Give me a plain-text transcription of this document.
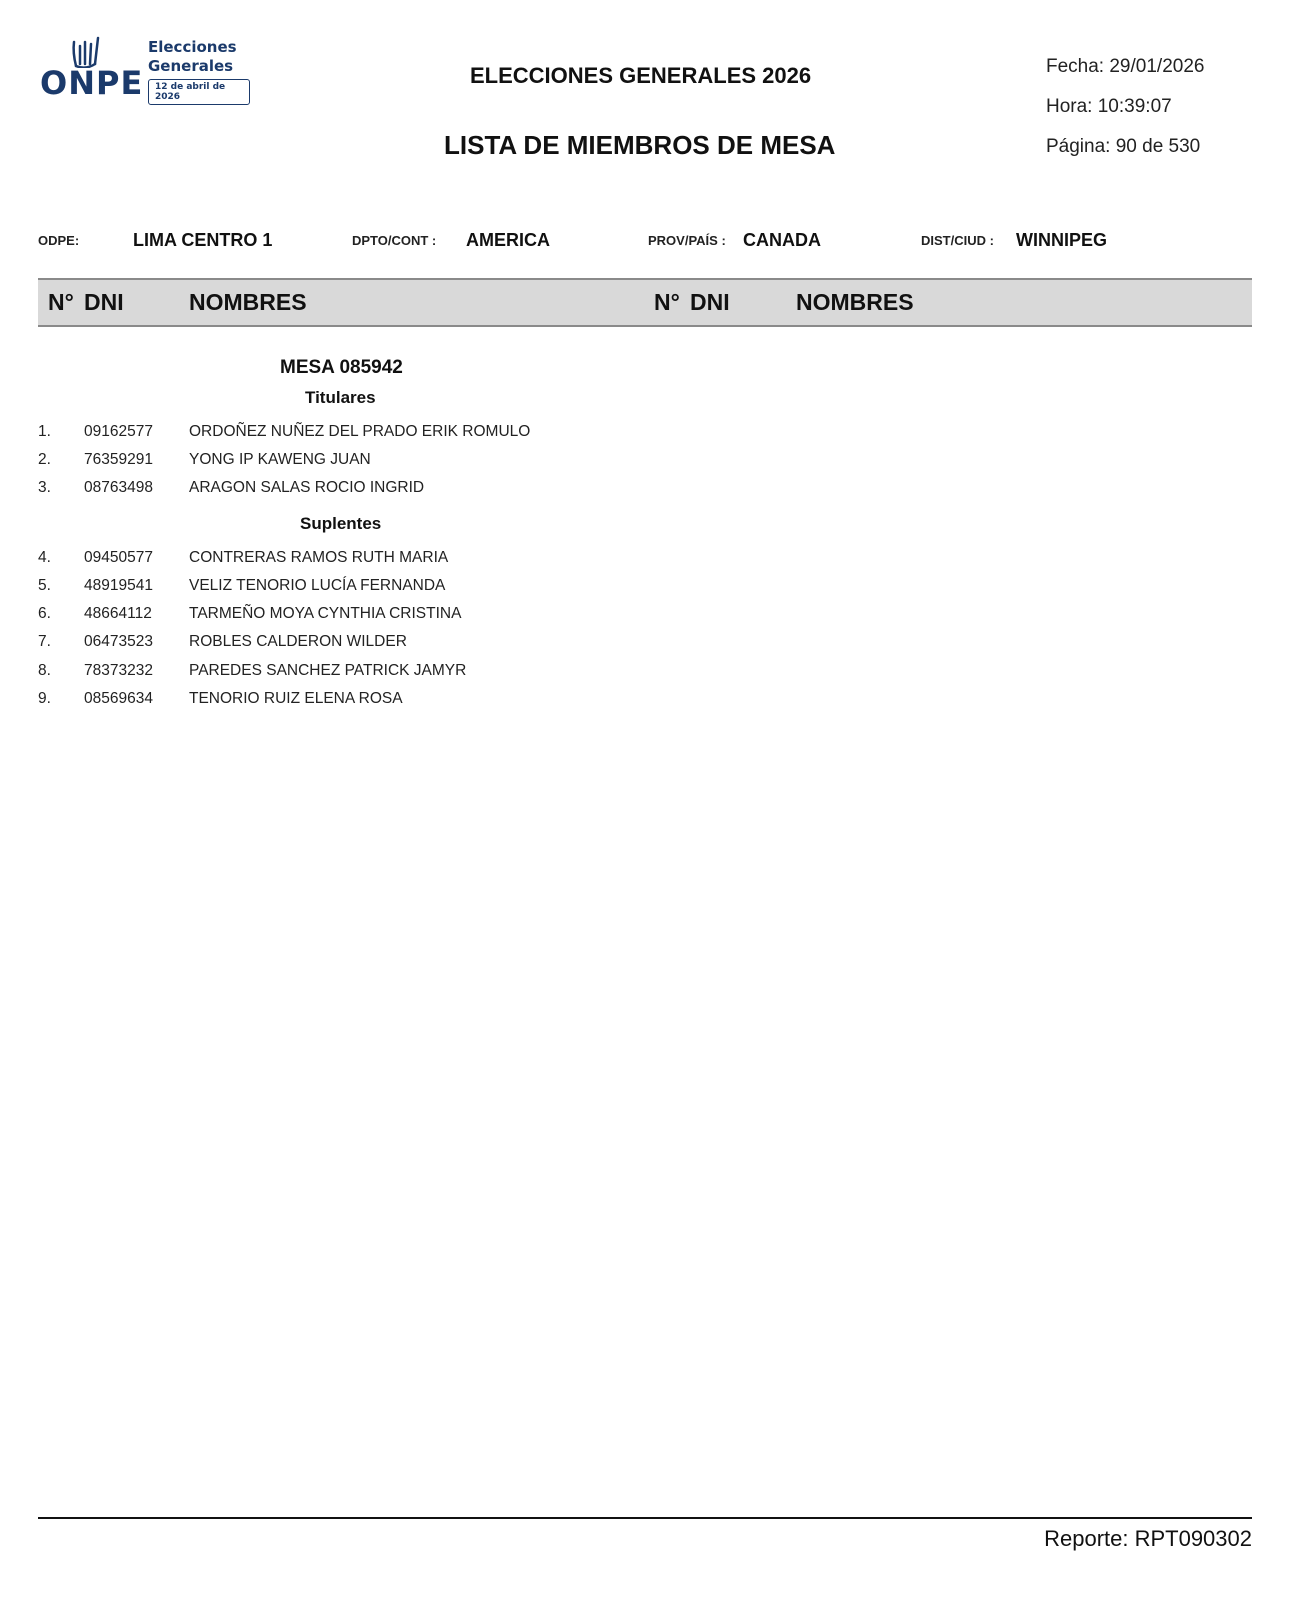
ONPE
Elecciones
Generales
12 de abril de 2026
ELECCIONES GENERALES 2026
LISTA DE MIEMBROS DE MESA
Fecha: 29/01/2026
Hora: 10:39:07
Página: 90 de 530
ODPE:	LIMA CENTRO 1	DPTO/CONT : AMERICA	PROV/PAÍS : CANADA	DIST/CIUD : WINNIPEG
N° DNI	NOMBRES	N° DNI	NOMBRES
MESA 085942
Titulares
1. 09162577 ORDOÑEZ NUÑEZ DEL PRADO ERIK ROMULO
2. 76359291 YONG IP KAWENG JUAN
3. 08763498 ARAGON SALAS ROCIO INGRID
Suplentes
4. 09450577 CONTRERAS RAMOS RUTH MARIA
5. 48919541 VELIZ TENORIO LUCÍA FERNANDA
6. 48664112 TARMEÑO MOYA CYNTHIA CRISTINA
7. 06473523 ROBLES CALDERON WILDER
8. 78373232 PAREDES SANCHEZ PATRICK JAMYR
9. 08569634 TENORIO RUIZ ELENA ROSA
Reporte: RPT090302
